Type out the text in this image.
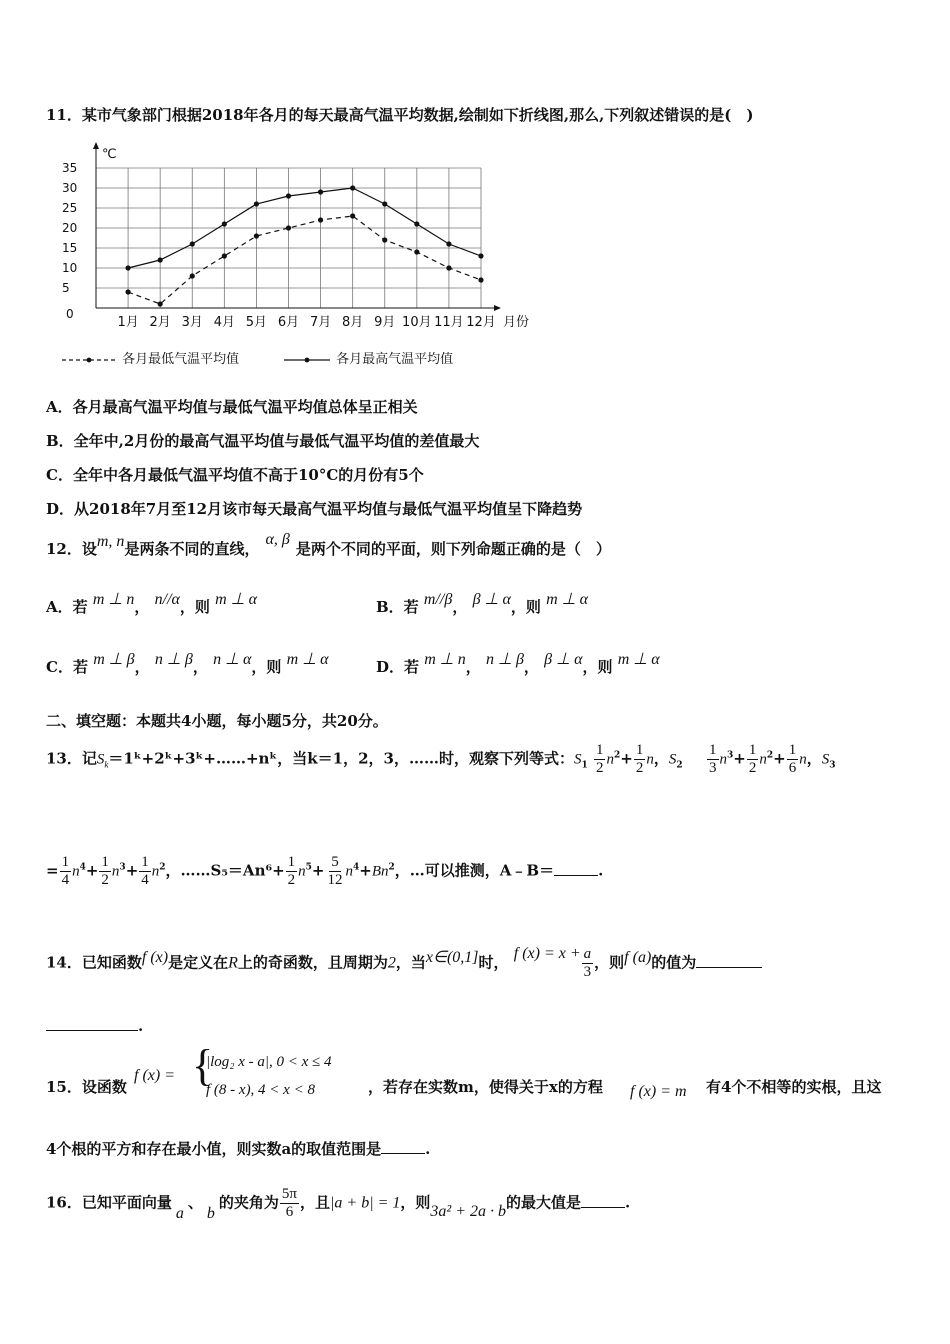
11．某市气象部门根据2018年各月的每天最高气温平均数据,绘制如下折线图,那么,下列叙述错误的是(　)
0
5
10
15
20
25
30
35
℃
月份
1月 2月 3月 4月 5月 6月 7月 8月 9月 10月 11月 12月
各月最低气温平均值	各月最高气温平均值
A．各月最高气温平均值与最低气温平均值总体呈正相关
B．全年中,2月份的最高气温平均值与最低气温平均值的差值最大
C．全年中各月最低气温平均值不高于10°C的月份有5个
D．从2018年7月至12月该市每天最高气温平均值与最低气温平均值呈下降趋势
12．设m, n是两条不同的直线，α, β是两个不同的平面，则下列命题正确的是（　）
A．若 m ⊥ n， n//α，则 m ⊥ α	B．若 m//β， β ⊥ α，则 m ⊥ α
C．若 m ⊥ β， n ⊥ β， n ⊥ α，则 m ⊥ α	D．若 m ⊥ n， n ⊥ β， β ⊥ α，则 m ⊥ α
二、填空题：本题共4小题，每小题5分，共20分。
13．记$S_k=1ᵏ+2ᵏ+3ᵏ+\dots\dots+nᵏ$，当k＝1，2，3，……时，观察下列等式：$S_1 \frac{1}{2} n^2+ \frac{1}{2}$ n，$S_2 \frac{1}{3} n^3+ \frac{1}{2} n^2+ \frac{1}{6}$ n，$S_3$
= $\frac{1}{4} n^4+ \frac{1}{2} n^3+ \frac{1}{4} n^2$，……S₅＝An⁶+ $\frac{1}{2} n^5+ \frac{5}{12} n^4+Bn^2$，…可以推测，A﹣B＝	.
14．已知函数f (x)是定义在R上的奇函数，且周期为2，当x∈(0,1]时， f $(x) = x + \frac{a}{3}$ ，则f (a)的值为
.
15．设函数
f (x) = {
|log₂ x - a|, 0 < x ≤ 4
f (8 - x), 4 < x < 8	，若存在实数m，使得关于x的方程 f (x) = m 有4个不相等的实根，且这
4个根的平方和存在最小值，则实数a的取值范围是	.
16．已知平面向量a、b的夹角为 $\frac{5\pi}{6}$ ，且|a + b| = 1，则3a² + 2a · b的最大值是	.
